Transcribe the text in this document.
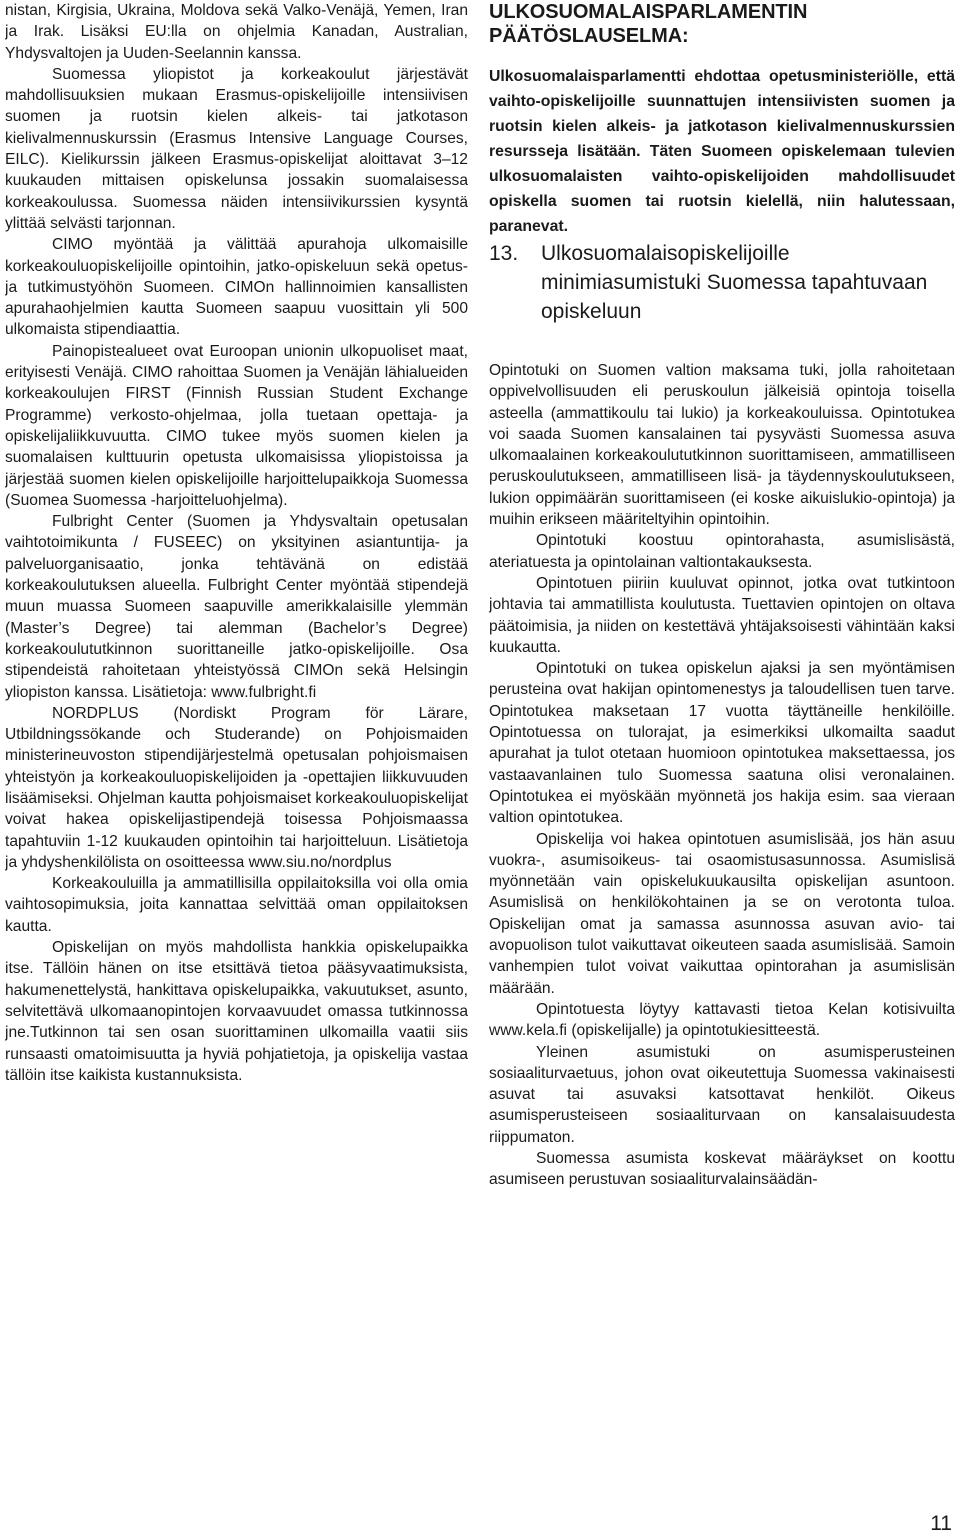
nistan, Kirgisia, Ukraina, Moldova sekä Valko-Venäjä, Yemen, Iran ja Irak. Lisäksi EU:lla on ohjelmia Kanadan, Australian, Yhdysvaltojen ja Uuden-Seelannin kanssa.

Suomessa yliopistot ja korkeakoulut järjestävät mahdollisuuksien mukaan Erasmus-opiskelijoille intensiivisen suomen ja ruotsin kielen alkeis- tai jatkotason kielivalmennuskurssin (Erasmus Intensive Language Courses, EILC). Kielikurssin jälkeen Erasmus-opiskelijat aloittavat 3–12 kuukauden mittaisen opiskelunsa jossakin suomalaisessa korkeakoulussa. Suomessa näiden intensiivikurssien kysyntä ylittää selvästi tarjonnan.

CIMO myöntää ja välittää apurahoja ulkomaisille korkeakouluopiskelijoille opintoihin, jatko-opiskeluun sekä opetus- ja tutkimustyöhön Suomeen. CIMOn hallinnoimien kansallisten apurahaohjelmien kautta Suomeen saapuu vuosittain yli 500 ulkomaista stipendiaattia.

Painopistealueet ovat Euroopan unionin ulkopuoliset maat, erityisesti Venäjä. CIMO rahoittaa Suomen ja Venäjän lähialueiden korkeakoulujen FIRST (Finnish Russian Student Exchange Programme) verkosto-ohjelmaa, jolla tuetaan opettaja- ja opiskelijaliikkuvuutta. CIMO tukee myös suomen kielen ja suomalaisen kulttuurin opetusta ulkomaisissa yliopistoissa ja järjestää suomen kielen opiskelijoille harjoittelupaikkoja Suomessa (Suomea Suomessa -harjoitteluohjelma).

Fulbright Center (Suomen ja Yhdysvaltain opetusalan vaihtotoimikunta / FUSEEC) on yksityinen asiantuntija- ja palveluorganisaatio, jonka tehtävänä on edistää korkeakoulutuksen alueella. Fulbright Center myöntää stipendejä muun muassa Suomeen saapuville amerikkalaisille ylemmän (Master’s Degree) tai alemman (Bachelor’s Degree) korkeakoulututkinnon suorittaneille jatko-opiskelijoille. Osa stipendeistä rahoitetaan yhteistyössä CIMOn sekä Helsingin yliopiston kanssa. Lisätietoja: www.fulbright.fi

NORDPLUS (Nordiskt Program för Lärare, Utbildningssökande och Studerande) on Pohjoismaiden ministerineuvoston stipendijärjestelmä opetusalan pohjoismaisen yhteistyön ja korkeakouluopiskelijoiden ja -opettajien liikkuvuuden lisäämiseksi. Ohjelman kautta pohjoismaiset korkeakouluopiskelijat voivat hakea opiskelijastipendejä toisessa Pohjoismaassa tapahtuviin 1-12 kuukauden opintoihin tai harjoitteluun. Lisätietoja ja yhdyshenkilölista on osoitteessa www.siu.no/nordplus

Korkeakouluilla ja ammatillisilla oppilaitoksilla voi olla omia vaihtosopimuksia, joita kannattaa selvittää oman oppilaitoksen kautta.

Opiskelijan on myös mahdollista hankkia opiskelupaikka itse. Tällöin hänen on itse etsittävä tietoa pääsyvaatimuksista, hakumenettelystä, hankittava opiskelupaikka, vakuutukset, asunto, selvitettävä ulkomaanopintojen korvaavuudet omassa tutkinnossa jne.Tutkinnon tai sen osan suorittaminen ulkomailla vaatii siis runsaasti omatoimisuutta ja hyviä pohjatietoja, ja opiskelija vastaa tällöin itse kaikista kustannuksista.

ULKOSUOMALAISPARLAMENTIN PÄÄTÖSLAUSELMA:

Ulkosuomalaisparlamentti ehdottaa opetusministeriölle, että vaihto-opiskelijoille suunnattujen intensiivisten suomen ja ruotsin kielen alkeis- ja jatkotason kielivalmennuskurssien resursseja lisätään. Täten Suomeen opiskelemaan tulevien ulkosuomalaisten vaihto-opiskelijoiden mahdollisuudet opiskella suomen tai ruotsin kielellä, niin halutessaan, paranevat.

13.	Ulkosuomalaisopiskelijoille minimiasumistuki Suomessa tapahtuvaan opiskeluun

Opintotuki on Suomen valtion maksama tuki, jolla rahoitetaan oppivelvollisuuden eli peruskoulun jälkeisiä opintoja toisella asteella (ammattikoulu tai lukio) ja korkeakouluissa. Opintotukea voi saada Suomen kansalainen tai pysyvästi Suomessa asuva ulkomaalainen korkeakoulututkinnon suorittamiseen, ammatilliseen peruskoulutukseen, ammatilliseen lisä- ja täydennyskoulutukseen, lukion oppimäärän suorittamiseen (ei koske aikuislukio-opintoja) ja muihin erikseen määriteltyihin opintoihin.

Opintotuki koostuu opintorahasta, asumislisästä, ateriatuesta ja opintolainan valtiontakauksesta.

Opintotuen piiriin kuuluvat opinnot, jotka ovat tutkintoon johtavia tai ammatillista koulutusta. Tuettavien opintojen on oltava päätoimisia, ja niiden on kestettävä yhtäjaksoisesti vähintään kaksi kuukautta.

Opintotuki on tukea opiskelun ajaksi ja sen myöntämisen perusteina ovat hakijan opintomenestys ja taloudellisen tuen tarve. Opintotukea maksetaan 17 vuotta täyttäneille henkilöille. Opintotuessa on tulorajat, ja esimerkiksi ulkomailta saadut apurahat ja tulot otetaan huomioon opintotukea maksettaessa, jos vastaavanlainen tulo Suomessa saatuna olisi veronalainen. Opintotukea ei myöskään myönnetä jos hakija esim. saa vieraan valtion opintotukea.

Opiskelija voi hakea opintotuen asumislisää, jos hän asuu vuokra-, asumisoikeus- tai osaomistusasunnossa. Asumislisä myönnetään vain opiskelukuukausilta opiskelijan asuntoon. Asumislisä on henkilökohtainen ja se on verotonta tuloa. Opiskelijan omat ja samassa asunnossa asuvan avio- tai avopuolison tulot vaikuttavat oikeuteen saada asumislisää. Samoin vanhempien tulot voivat vaikuttaa opintorahan ja asumislisän määrään.

Opintotuesta löytyy kattavasti tietoa Kelan kotisivuilta www.kela.fi (opiskelijalle) ja opintotukiesitteestä.

Yleinen asumistuki on asumisperusteinen sosiaaliturvaetuus, johon ovat oikeutettuja Suomessa vakinaisesti asuvat tai asuvaksi katsottavat henkilöt. Oikeus asumisperusteiseen sosiaaliturvaan on kansalaisuudesta riippumaton.

Suomessa asumista koskevat määräykset on koottu asumiseen perustuvan sosiaaliturvalainsäädän-

11
